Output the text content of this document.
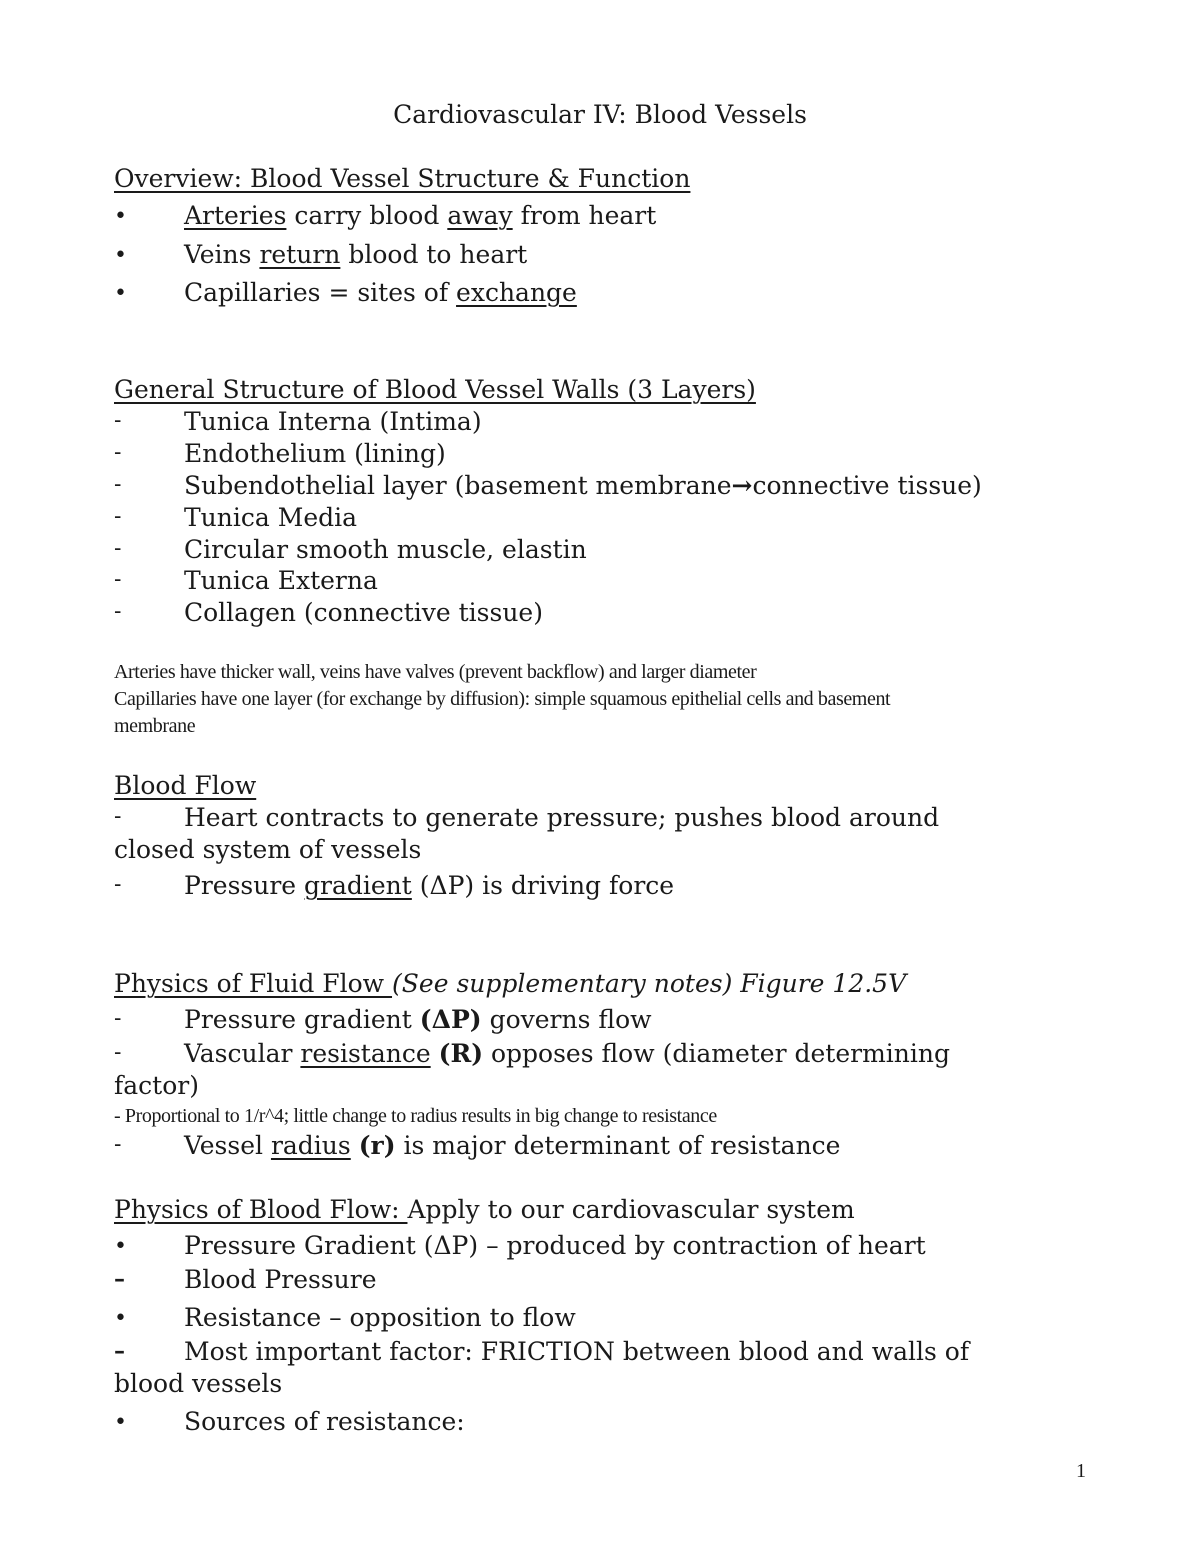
Cardiovascular IV: Blood Vessels
Overview: Blood Vessel Structure & Function
• Arteries carry blood away from heart
• Veins return blood to heart
• Capillaries = sites of exchange
General Structure of Blood Vessel Walls (3 Layers)
-	Tunica Interna (Intima)
-	Endothelium (lining)
-	Subendothelial layer (basement membrane→connective tissue)
-	Tunica Media
-	Circular smooth muscle, elastin
-	Tunica Externa
-	Collagen (connective tissue)
Arteries have thicker wall, veins have valves (prevent backflow) and larger diameter
Capillaries have one layer (for exchange by diffusion): simple squamous epithelial cells and basement
membrane
Blood Flow
-	Heart contracts to generate pressure; pushes blood around
closed system of vessels
-	Pressure gradient (ΔP) is driving force
Physics of Fluid Flow (See supplementary notes) Figure 12.5V
-	Pressure gradient (ΔP) governs flow
-	Vascular resistance (R) opposes flow (diameter determining
factor)
- Proportional to 1/r^4; little change to radius results in big change to resistance
-	Vessel radius (r) is major determinant of resistance
Physics of Blood Flow: Apply to our cardiovascular system
• Pressure Gradient (ΔP) – produced by contraction of heart
– Blood Pressure
• Resistance – opposition to flow
– Most important factor: FRICTION between blood and walls of
blood vessels
• Sources of resistance:
1
